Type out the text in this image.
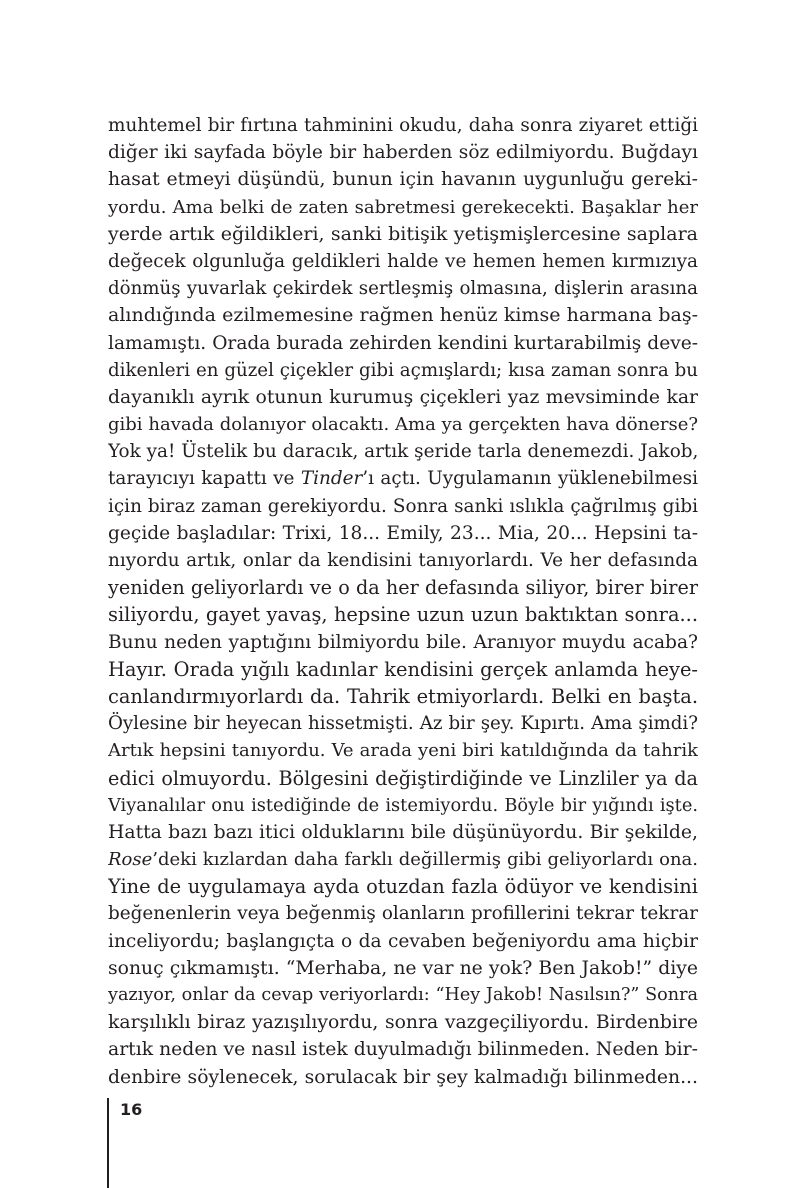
muhtemel bir fırtına tahminini okudu, daha sonra ziyaret ettiği
diğer iki sayfada böyle bir haberden söz edilmiyordu. Buğdayı
hasat etmeyi düşündü, bunun için havanın uygunluğu gereki-
yordu. Ama belki de zaten sabretmesi gerekecekti. Başaklar her
yerde artık eğildikleri, sanki bitişik yetişmişlercesine saplara
değecek olgunluğa geldikleri halde ve hemen hemen kırmızıya
dönmüş yuvarlak çekirdek sertleşmiş olmasına, dişlerin arasına
alındığında ezilmemesine rağmen henüz kimse harmana baş-
lamamıştı. Orada burada zehirden kendini kurtarabilmiş deve-
dikenleri en güzel çiçekler gibi açmışlardı; kısa zaman sonra bu
dayanıklı ayrık otunun kurumuş çiçekleri yaz mevsiminde kar
gibi havada dolanıyor olacaktı. Ama ya gerçekten hava dönerse?
Yok ya! Üstelik bu daracık, artık şeride tarla denemezdi. Jakob,
tarayıcıyı kapattı ve Tinder’ı açtı. Uygulamanın yüklenebilmesi
için biraz zaman gerekiyordu. Sonra sanki ıslıkla çağrılmış gibi
geçide başladılar: Trixi, 18... Emily, 23... Mia, 20... Hepsini ta-
nıyordu artık, onlar da kendisini tanıyorlardı. Ve her defasında
yeniden geliyorlardı ve o da her defasında siliyor, birer birer
siliyordu, gayet yavaş, hepsine uzun uzun baktıktan sonra...
Bunu neden yaptığını bilmiyordu bile. Aranıyor muydu acaba?
Hayır. Orada yığılı kadınlar kendisini gerçek anlamda heye-
canlandırmıyorlardı da. Tahrik etmiyorlardı. Belki en başta.
Öylesine bir heyecan hissetmişti. Az bir şey. Kıpırtı. Ama şimdi?
Artık hepsini tanıyordu. Ve arada yeni biri katıldığında da tahrik
edici olmuyordu. Bölgesini değiştirdiğinde ve Linzliler ya da
Viyanalılar onu istediğinde de istemiyordu. Böyle bir yığındı işte.
Hatta bazı bazı itici olduklarını bile düşünüyordu. Bir şekilde,
Rose’deki kızlardan daha farklı değillermiş gibi geliyorlardı ona.
Yine de uygulamaya ayda otuzdan fazla ödüyor ve kendisini
beğenenlerin veya beğenmiş olanların profillerini tekrar tekrar
inceliyordu; başlangıçta o da cevaben beğeniyordu ama hiçbir
sonuç çıkmamıştı. “Merhaba, ne var ne yok? Ben Jakob!” diye
yazıyor, onlar da cevap veriyorlardı: “Hey Jakob! Nasılsın?” Sonra
karşılıklı biraz yazışılıyordu, sonra vazgeçiliyordu. Birdenbire
artık neden ve nasıl istek duyulmadığı bilinmeden. Neden bir-
denbire söylenecek, sorulacak bir şey kalmadığı bilinmeden...
16
